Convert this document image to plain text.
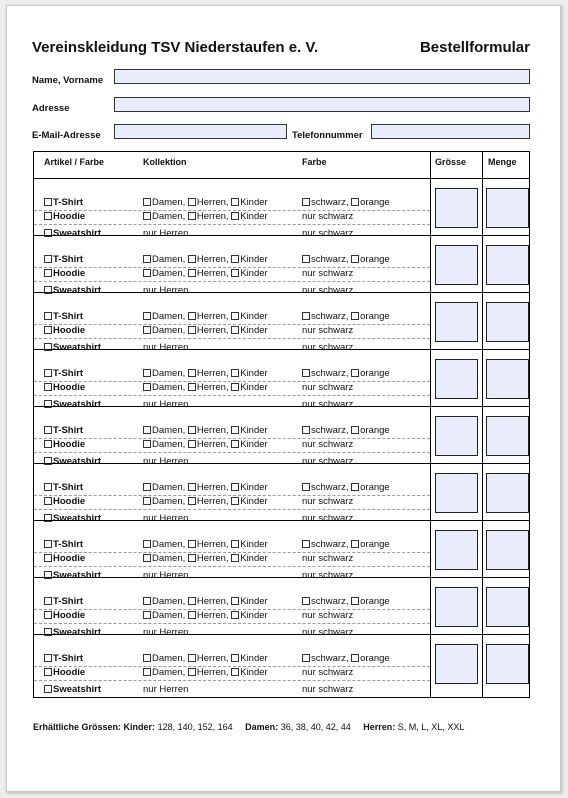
Vereinskleidung TSV Niederstaufen e. V.	Bestellformular
Name, Vorname
Adresse
E-Mail-Adresse	Telefonnummer
Artikel / Farbe	Kollektion	Farbe	Grösse Menge
T-Shirt	Damen, Herren, Kinder	schwarz, orange
Hoodie	Damen, Herren, Kinder	nur schwarz
Sweatshirt	nur Herren	nur schwarz
T-Shirt	Damen, Herren, Kinder	schwarz, orange
Hoodie	Damen, Herren, Kinder	nur schwarz
Sweatshirt	nur Herren	nur schwarz
T-Shirt	Damen, Herren, Kinder	schwarz, orange
Hoodie	Damen, Herren, Kinder	nur schwarz
Sweatshirt	nur Herren	nur schwarz
T-Shirt	Damen, Herren, Kinder	schwarz, orange
Hoodie	Damen, Herren, Kinder	nur schwarz
Sweatshirt	nur Herren	nur schwarz
T-Shirt	Damen, Herren, Kinder	schwarz, orange
Hoodie	Damen, Herren, Kinder	nur schwarz
Sweatshirt	nur Herren	nur schwarz
T-Shirt	Damen, Herren, Kinder	schwarz, orange
Hoodie	Damen, Herren, Kinder	nur schwarz
Sweatshirt	nur Herren	nur schwarz
T-Shirt	Damen, Herren, Kinder	schwarz, orange
Hoodie	Damen, Herren, Kinder	nur schwarz
Sweatshirt	nur Herren	nur schwarz
T-Shirt	Damen, Herren, Kinder	schwarz, orange
Hoodie	Damen, Herren, Kinder	nur schwarz
Sweatshirt	nur Herren	nur schwarz
T-Shirt	Damen, Herren, Kinder	schwarz, orange
Hoodie	Damen, Herren, Kinder	nur schwarz
Sweatshirt	nur Herren	nur schwarz
Erhältliche Grössen: Kinder: 128, 140, 152, 164 Damen: 36, 38, 40, 42, 44 Herren: S, M, L, XL, XXL
